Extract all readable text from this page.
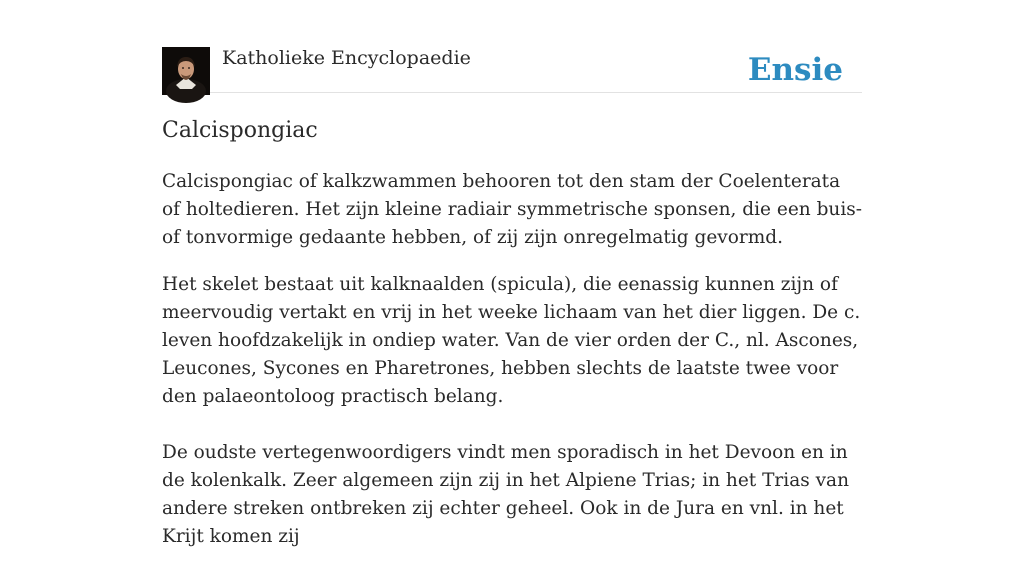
Katholieke Encyclopaedie	Ensie
Calcispongiac

Calcispongiac of kalkzwammen behooren tot den stam der Coelenterata of holtedieren. Het zijn kleine radiair symmetrische sponsen, die een buis- of tonvormige gedaante hebben, of zij zijn onregelmatig gevormd.

Het skelet bestaat uit kalknaalden (spicula), die eenassig kunnen zijn of meervoudig vertakt en vrij in het weeke lichaam van het dier liggen. De c. leven hoofdzakelijk in ondiep water. Van de vier orden der C., nl. Ascones, Leucones, Sycones en Pharetrones, hebben slechts de laatste twee voor den palaeontoloog practisch belang.

De oudste vertegenwoordigers vindt men sporadisch in het Devoon en in de kolenkalk. Zeer algemeen zijn zij in het Alpiene Trias; in het Trias van andere streken ontbreken zij echter geheel. Ook in de Jura en vnl. in het Krijt komen zij
